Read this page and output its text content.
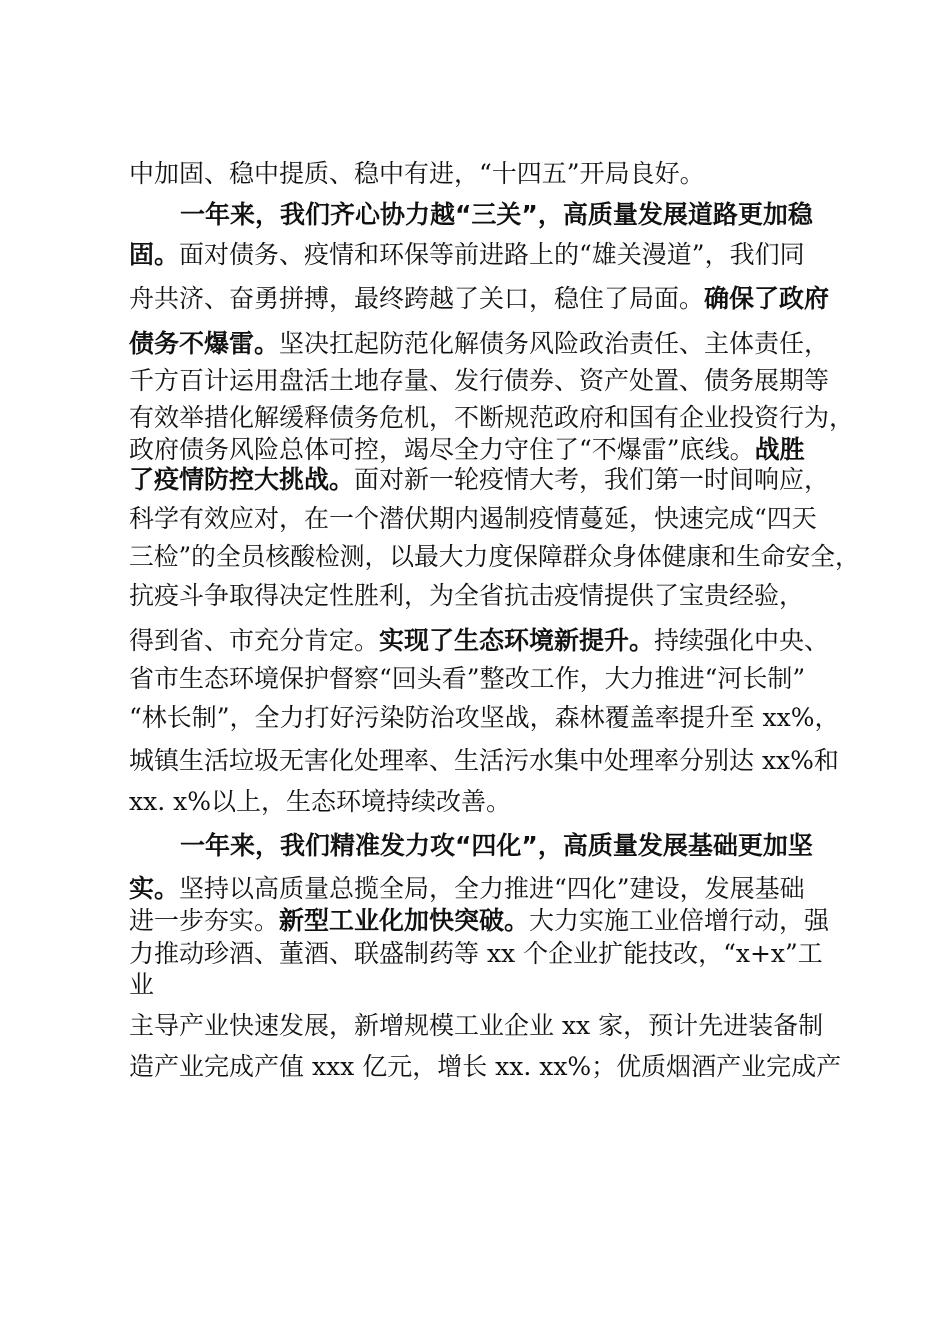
中加固、稳中提质、稳中有进，“十四五”开局良好。
一年来，我们齐心协力越“三关”，高质量发展道路更加稳
固。面对债务、疫情和环保等前进路上的“雄关漫道”，我们同
舟共济、奋勇拼搏，最终跨越了关口，稳住了局面。确保了政府
债务不爆雷。坚决扛起防范化解债务风险政治责任、主体责任，
千方百计运用盘活土地存量、发行债券、资产处置、债务展期等
有效举措化解缓释债务危机，不断规范政府和国有企业投资行为，
政府债务风险总体可控，竭尽全力守住了“不爆雷”底线。战胜
了疫情防控大挑战。面对新一轮疫情大考，我们第一时间响应，
科学有效应对，在一个潜伏期内遏制疫情蔓延，快速完成“四天
三检”的全员核酸检测，以最大力度保障群众身体健康和生命安全，
抗疫斗争取得决定性胜利，为全省抗击疫情提供了宝贵经验，
得到省、市充分肯定。实现了生态环境新提升。持续强化中央、
省市生态环境保护督察“回头看”整改工作，大力推进“河长制”
“林长制”，全力打好污染防治攻坚战，森林覆盖率提升至 xx%，
城镇生活垃圾无害化处理率、生活污水集中处理率分别达 xx%和
xx. x%以上，生态环境持续改善。
一年来，我们精准发力攻“四化”，高质量发展基础更加坚
实。坚持以高质量总揽全局，全力推进“四化”建设，发展基础
进一步夯实。新型工业化加快突破。大力实施工业倍增行动，强
力推动珍酒、董酒、联盛制药等 xx 个企业扩能技改，“x+x”工
业
主导产业快速发展，新增规模工业企业 xx 家，预计先进装备制
造产业完成产值 xxx 亿元，增长 xx. xx%；优质烟酒产业完成产
